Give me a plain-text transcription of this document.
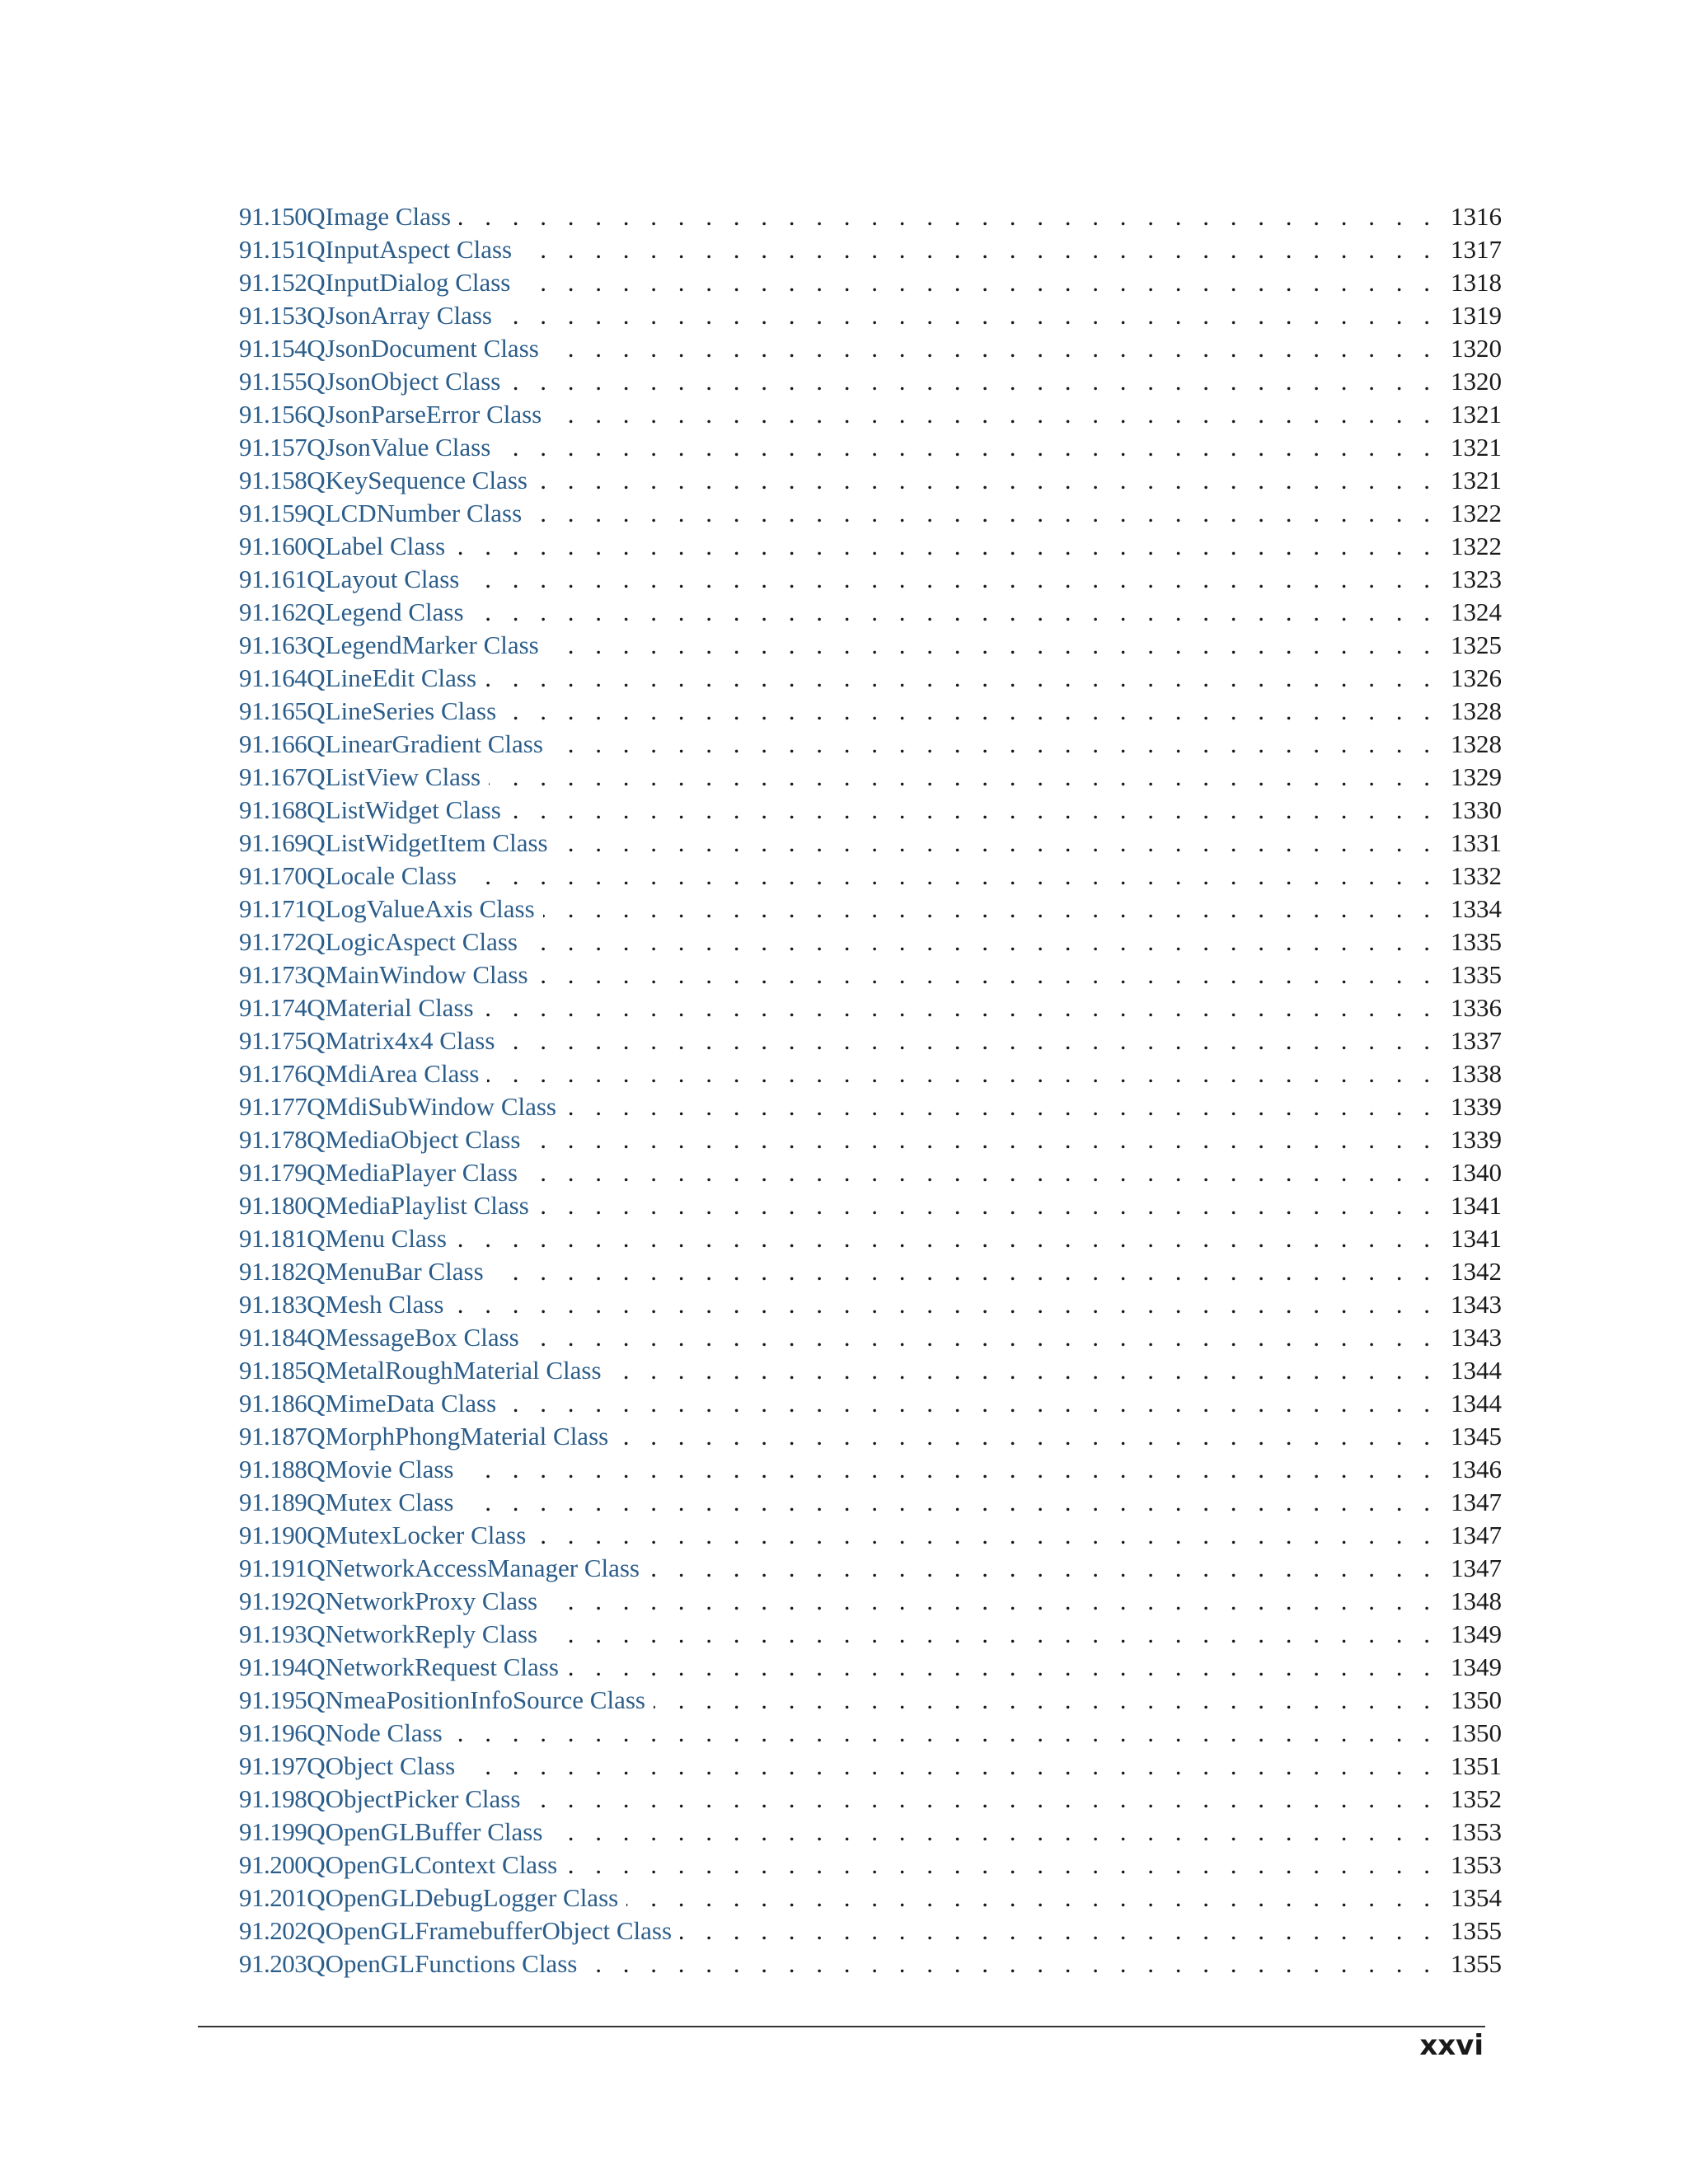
91.150 QImage Class . . .	1316
91.151 QInputAspect Class . . .	1317
91.152 QInputDialog Class . . .	1318
91.153 QJsonArray Class . . .	1319
91.154 QJsonDocument Class . . .	1320
91.155 QJsonObject Class . . .	1320
91.156 QJsonParseError Class . . .	1321
91.157 QJsonValue Class . . .	1321
91.158 QKeySequence Class . . .	1321
91.159 QLCDNumber Class . . .	1322
91.160 QLabel Class . . .	1322
91.161 QLayout Class . . .	1323
91.162 QLegend Class . . .	1324
91.163 QLegendMarker Class . . .	1325
91.164 QLineEdit Class . . .	1326
91.165 QLineSeries Class . . .	1328
91.166 QLinearGradient Class . . .	1328
91.167 QListView Class . . .	1329
91.168 QListWidget Class . . .	1330
91.169 QListWidgetItem Class . . .	1331
91.170 QLocale Class . . .	1332
91.171 QLogValueAxis Class . . .	1334
91.172 QLogicAspect Class . . .	1335
91.173 QMainWindow Class . . .	1335
91.174 QMaterial Class . . .	1336
91.175 QMatrix4x4 Class . . .	1337
91.176 QMdiArea Class . . .	1338
91.177 QMdiSubWindow Class . . .	1339
91.178 QMediaObject Class . . .	1339
91.179 QMediaPlayer Class . . .	1340
91.180 QMediaPlaylist Class . . .	1341
91.181 QMenu Class . . .	1341
91.182 QMenuBar Class . . .	1342
91.183 QMesh Class . . .	1343
91.184 QMessageBox Class . . .	1343
91.185 QMetalRoughMaterial Class . . .	1344
91.186 QMimeData Class . . .	1344
91.187 QMorphPhongMaterial Class . . .	1345
91.188 QMovie Class . . .	1346
91.189 QMutex Class . . .	1347
91.190 QMutexLocker Class . . .	1347
91.191 QNetworkAccessManager Class . . .	1347
91.192 QNetworkProxy Class . . .	1348
91.193 QNetworkReply Class . . .	1349
91.194 QNetworkRequest Class . . .	1349
91.195 QNmeaPositionInfoSource Class . . .	1350
91.196 QNode Class . . .	1350
91.197 QObject Class . . .	1351
91.198 QObjectPicker Class . . .	1352
91.199 QOpenGLBuffer Class . . .	1353
91.200 QOpenGLContext Class . . .	1353
91.201 QOpenGLDebugLogger Class . . .	1354
91.202 QOpenGLFramebufferObject Class . . .	1355
91.203 QOpenGLFunctions Class . . .	1355
xxvi
